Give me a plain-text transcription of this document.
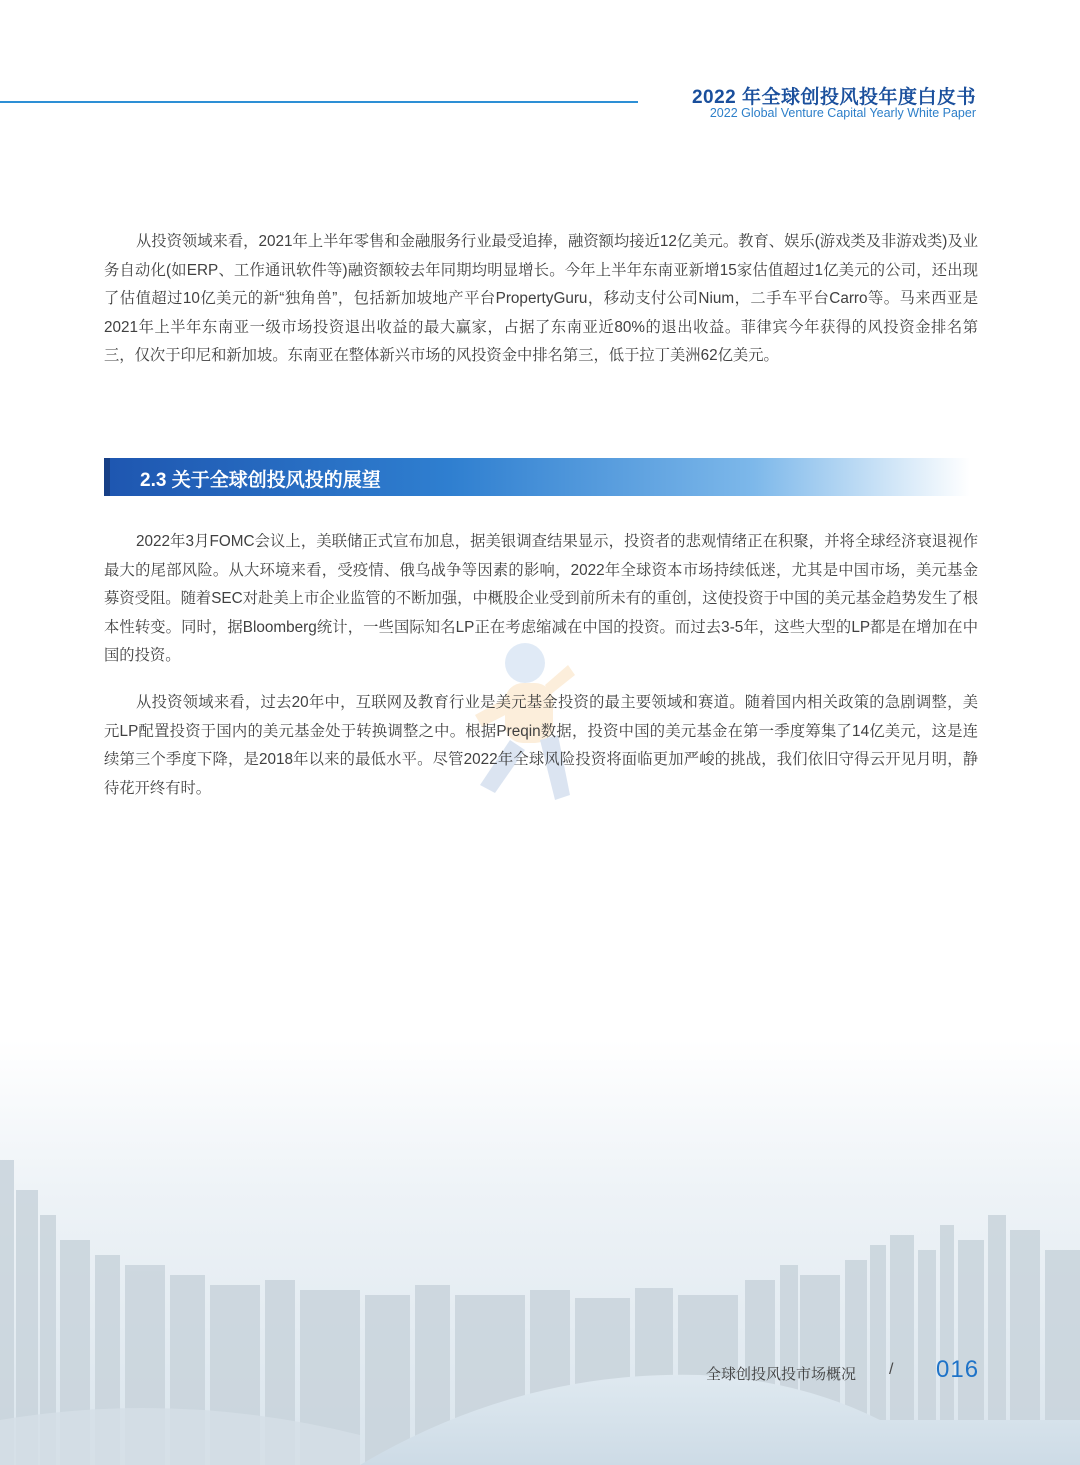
2022 年全球创投风投年度白皮书
2022 Global Venture Capital Yearly White Paper

从投资领域来看，2021年上半年零售和金融服务行业最受追捧，融资额均接近12亿美元。教育、娱乐(游戏类及非游戏类)及业务自动化(如ERP、工作通讯软件等)融资额较去年同期均明显增长。今年上半年东南亚新增15家估值超过1亿美元的公司，还出现了估值超过10亿美元的新“独角兽”，包括新加坡地产平台PropertyGuru，移动支付公司Nium，二手车平台Carro等。马来西亚是2021年上半年东南亚一级市场投资退出收益的最大赢家，占据了东南亚近80%的退出收益。菲律宾今年获得的风投资金排名第三，仅次于印尼和新加坡。东南亚在整体新兴市场的风投资金中排名第三，低于拉丁美洲62亿美元。

2.3 关于全球创投风投的展望

2022年3月FOMC会议上，美联储正式宣布加息，据美银调查结果显示，投资者的悲观情绪正在积聚，并将全球经济衰退视作最大的尾部风险。从大环境来看，受疫情、俄乌战争等因素的影响，2022年全球资本市场持续低迷，尤其是中国市场，美元基金募资受阻。随着SEC对赴美上市企业监管的不断加强，中概股企业受到前所未有的重创，这使投资于中国的美元基金趋势发生了根本性转变。同时，据Bloomberg统计，一些国际知名LP正在考虑缩减在中国的投资。而过去3-5年，这些大型的LP都是在增加在中国的投资。

从投资领域来看，过去20年中，互联网及教育行业是美元基金投资的最主要领域和赛道。随着国内相关政策的急剧调整，美元LP配置投资于国内的美元基金处于转换调整之中。根据Preqin数据，投资中国的美元基金在第一季度筹集了14亿美元，这是连续第三个季度下降，是2018年以来的最低水平。尽管2022年全球风险投资将面临更加严峻的挑战，我们依旧守得云开见月明，静待花开终有时。

全球创投风投市场概况 / 016
